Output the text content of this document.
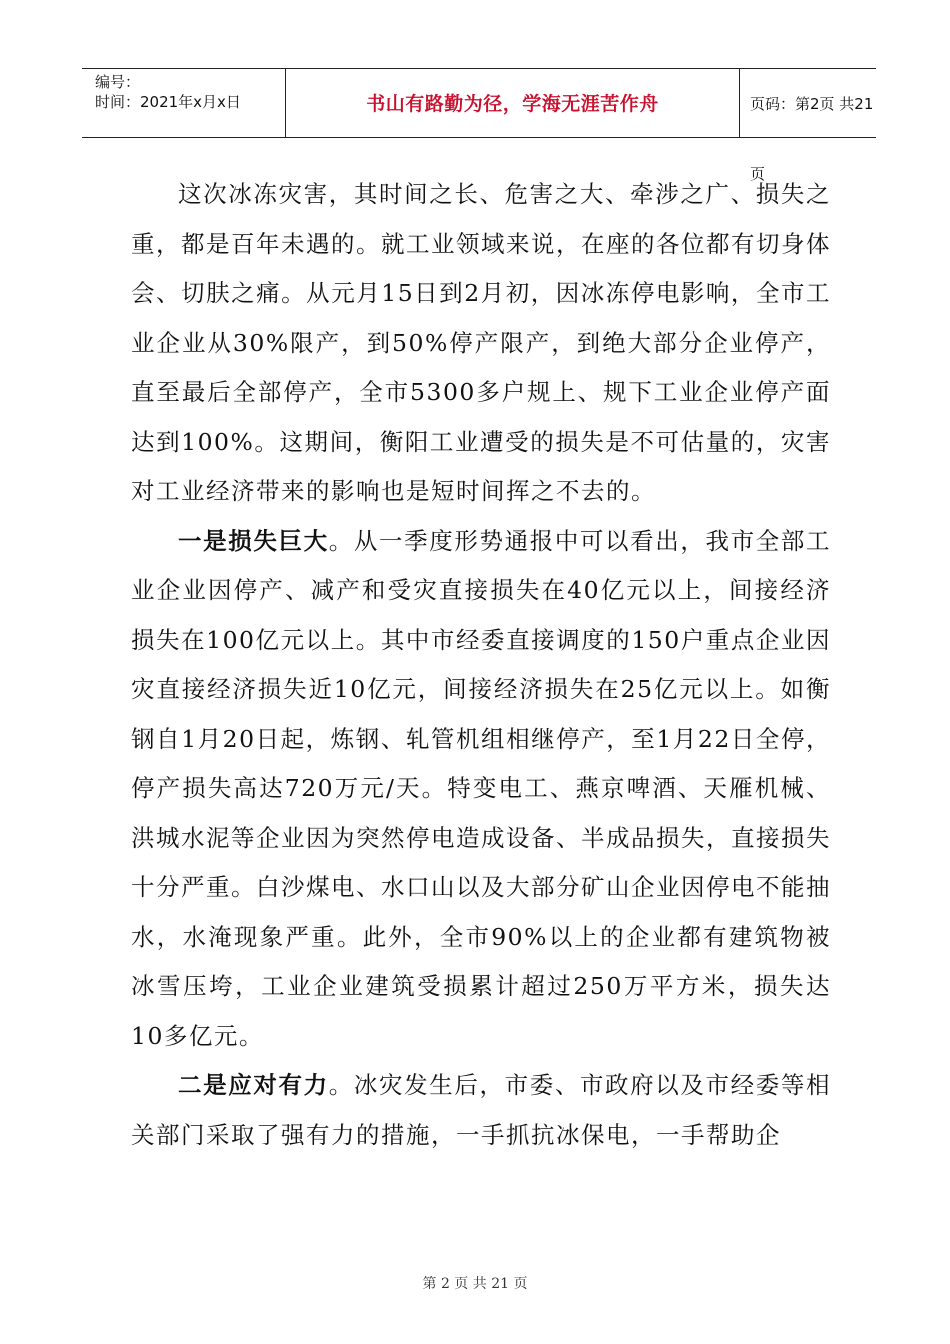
编号：
时间：2021年x月x日	书山有路勤为径，学海无涯苦作舟	页码：第2页 共21页

这次冰冻灾害，其时间之长、危害之大、牵涉之广、损失之重，都是百年未遇的。就工业领域来说，在座的各位都有切身体会、切肤之痛。从元月15日到2月初，因冰冻停电影响，全市工业企业从30%限产，到50%停产限产，到绝大部分企业停产，直至最后全部停产，全市5300多户规上、规下工业企业停产面达到100%。这期间，衡阳工业遭受的损失是不可估量的，灾害对工业经济带来的影响也是短时间挥之不去的。

一是损失巨大。从一季度形势通报中可以看出，我市全部工业企业因停产、减产和受灾直接损失在40亿元以上，间接经济损失在100亿元以上。其中市经委直接调度的150户重点企业因灾直接经济损失近10亿元，间接经济损失在25亿元以上。如衡钢自1月20日起，炼钢、轧管机组相继停产，至1月22日全停，停产损失高达720万元/天。特变电工、燕京啤酒、天雁机械、洪城水泥等企业因为突然停电造成设备、半成品损失，直接损失十分严重。白沙煤电、水口山以及大部分矿山企业因停电不能抽水，水淹现象严重。此外，全市90%以上的企业都有建筑物被冰雪压垮，工业企业建筑受损累计超过250万平方米，损失达10多亿元。

二是应对有力。冰灾发生后，市委、市政府以及市经委等相关部门采取了强有力的措施，一手抓抗冰保电，一手帮助企

第 2 页 共 21 页
